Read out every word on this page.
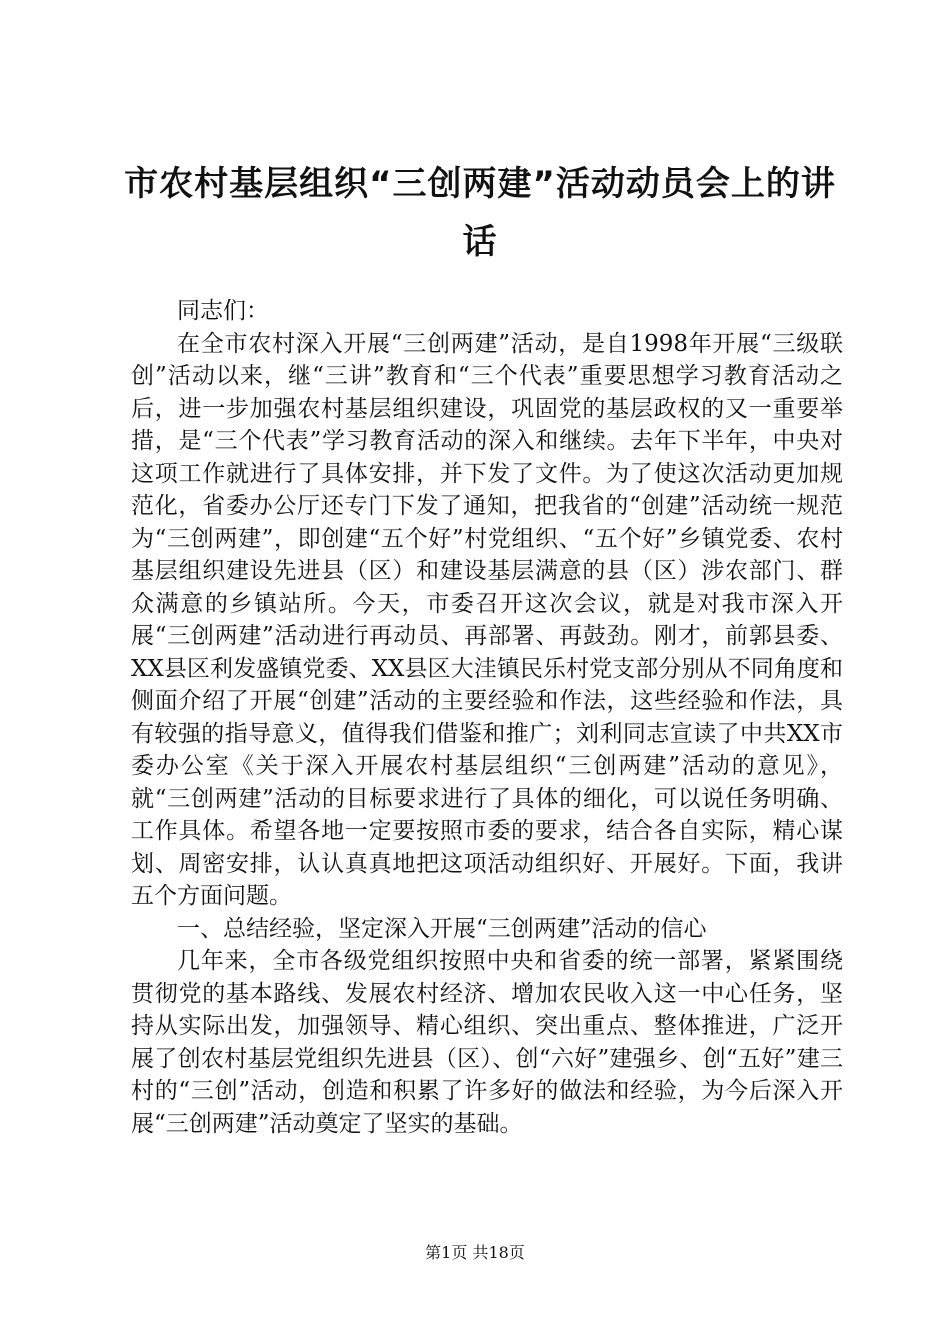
市农村基层组织“三创两建”活动动员会上的讲话

同志们：

在全市农村深入开展“三创两建”活动，是自1998年开展“三级联创”活动以来，继“三讲”教育和“三个代表”重要思想学习教育活动之后，进一步加强农村基层组织建设，巩固党的基层政权的又一重要举措，是“三个代表”学习教育活动的深入和继续。去年下半年，中央对这项工作就进行了具体安排，并下发了文件。为了使这次活动更加规范化，省委办公厅还专门下发了通知，把我省的“创建”活动统一规范为“三创两建”，即创建“五个好”村党组织、“五个好”乡镇党委、农村基层组织建设先进县（区）和建设基层满意的县（区）涉农部门、群众满意的乡镇站所。今天，市委召开这次会议，就是对我市深入开展“三创两建”活动进行再动员、再部署、再鼓劲。刚才，前郭县委、XX县区利发盛镇党委、XX县区大洼镇民乐村党支部分别从不同角度和侧面介绍了开展“创建”活动的主要经验和作法，这些经验和作法，具有较强的指导意义，值得我们借鉴和推广；刘利同志宣读了中共XX市委办公室《关于深入开展农村基层组织“三创两建”活动的意见》，就“三创两建”活动的目标要求进行了具体的细化，可以说任务明确、工作具体。希望各地一定要按照市委的要求，结合各自实际，精心谋划、周密安排，认认真真地把这项活动组织好、开展好。下面，我讲五个方面问题。

一、总结经验，坚定深入开展“三创两建”活动的信心

几年来，全市各级党组织按照中央和省委的统一部署，紧紧围绕贯彻党的基本路线、发展农村经济、增加农民收入这一中心任务，坚持从实际出发，加强领导、精心组织、突出重点、整体推进，广泛开展了创农村基层党组织先进县（区）、创“六好”建强乡、创“五好”建三村的“三创”活动，创造和积累了许多好的做法和经验，为今后深入开展“三创两建”活动奠定了坚实的基础。

第1页 共18页
